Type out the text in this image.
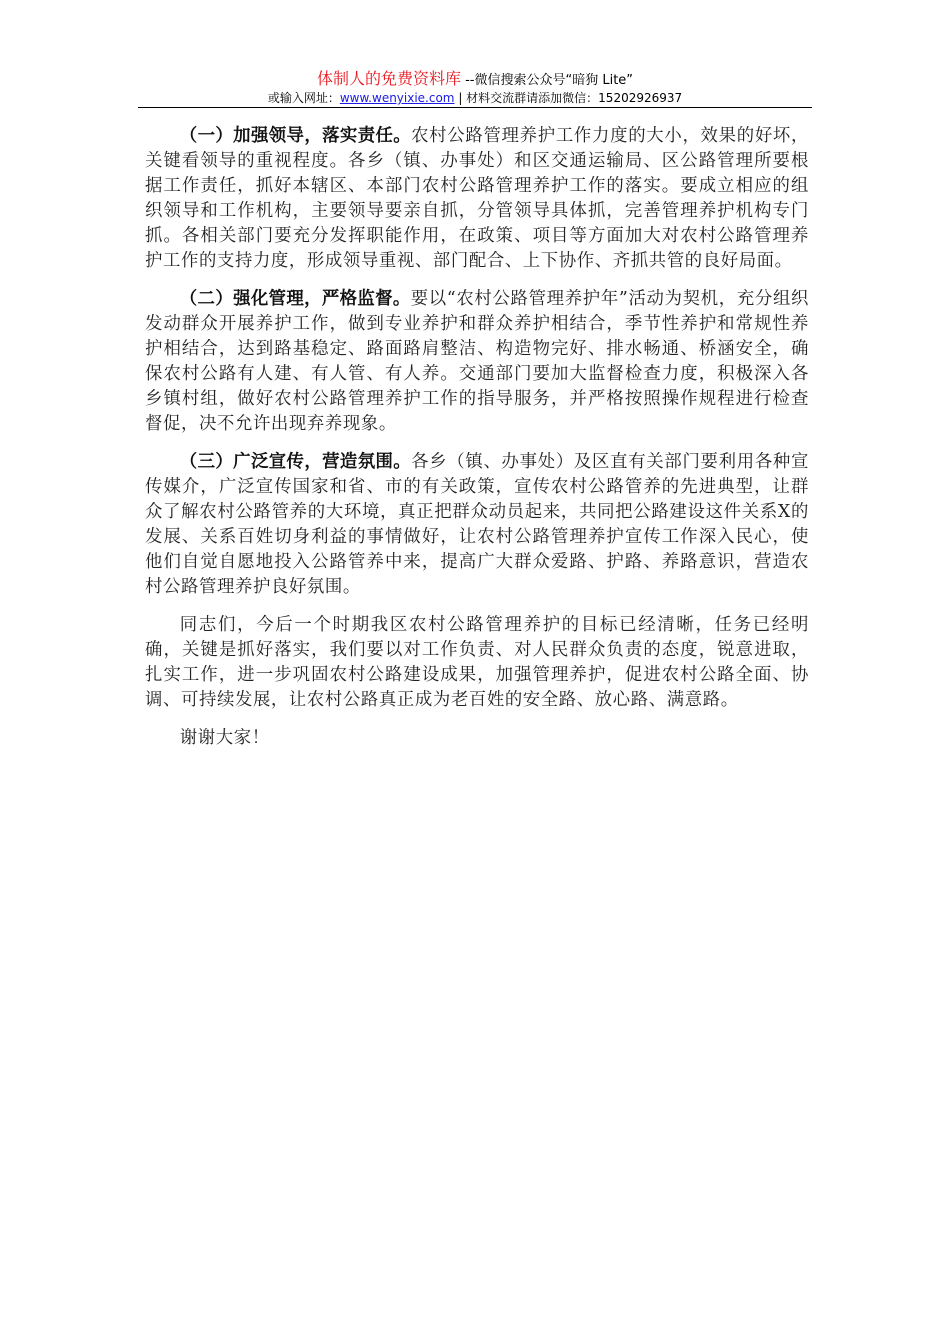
体制人的免费资料库 --微信搜索公众号“暗狗 Lite”
或输入网址：www.wenyixie.com | 材料交流群请添加微信：15202926937

（一）加强领导，落实责任。农村公路管理养护工作力度的大小，效果的好坏，关键看领导的重视程度。各乡（镇、办事处）和区交通运输局、区公路管理所要根据工作责任，抓好本辖区、本部门农村公路管理养护工作的落实。要成立相应的组织领导和工作机构，主要领导要亲自抓，分管领导具体抓，完善管理养护机构专门抓。各相关部门要充分发挥职能作用，在政策、项目等方面加大对农村公路管理养护工作的支持力度，形成领导重视、部门配合、上下协作、齐抓共管的良好局面。

（二）强化管理，严格监督。要以“农村公路管理养护年”活动为契机，充分组织发动群众开展养护工作，做到专业养护和群众养护相结合，季节性养护和常规性养护相结合，达到路基稳定、路面路肩整洁、构造物完好、排水畅通、桥涵安全，确保农村公路有人建、有人管、有人养。交通部门要加大监督检查力度，积极深入各乡镇村组，做好农村公路管理养护工作的指导服务，并严格按照操作规程进行检查督促，决不允许出现弃养现象。

（三）广泛宣传，营造氛围。各乡（镇、办事处）及区直有关部门要利用各种宣传媒介，广泛宣传国家和省、市的有关政策，宣传农村公路管养的先进典型，让群众了解农村公路管养的大环境，真正把群众动员起来，共同把公路建设这件关系X的发展、关系百姓切身利益的事情做好，让农村公路管理养护宣传工作深入民心，使他们自觉自愿地投入公路管养中来，提高广大群众爱路、护路、养路意识，营造农村公路管理养护良好氛围。

同志们，今后一个时期我区农村公路管理养护的目标已经清晰，任务已经明确，关键是抓好落实，我们要以对工作负责、对人民群众负责的态度，锐意进取，扎实工作，进一步巩固农村公路建设成果，加强管理养护，促进农村公路全面、协调、可持续发展，让农村公路真正成为老百姓的安全路、放心路、满意路。

谢谢大家！
